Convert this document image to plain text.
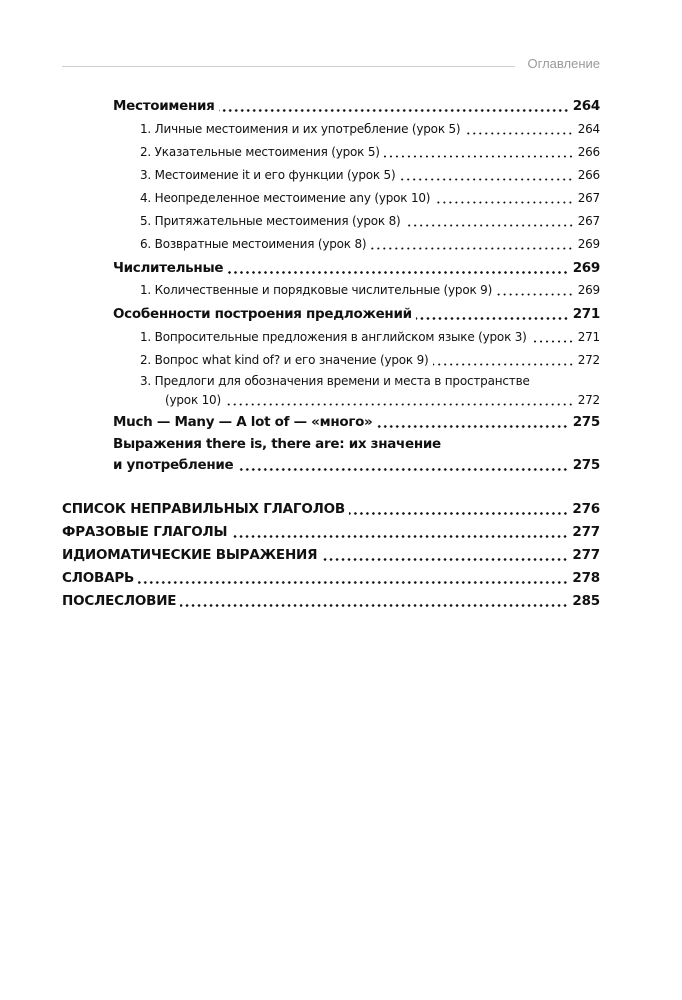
Оглавление
Местоимения	264
1. Личные местоимения и их употребление (урок 5)	264
2. Указательные местоимения (урок 5)	266
3. Местоимение it и его функции (урок 5)	266
4. Неопределенное местоимение any (урок 10)	267
5. Притяжательные местоимения (урок 8)	267
6. Возвратные местоимения (урок 8)	269
Числительные	269
1. Количественные и порядковые числительные (урок 9)	269
Особенности построения предложений	271
1. Вопросительные предложения в английском языке (урок 3)	271
2. Вопрос what kind of? и его значение (урок 9)	272
3. Предлоги для обозначения времени и места в пространстве
(урок 10)	272
Much — Many — A lot of — «много»	275
Выражения there is, there are: их значение
и употребление	275
СПИСОК НЕПРАВИЛЬНЫХ ГЛАГОЛОВ	276
ФРАЗОВЫЕ ГЛАГОЛЫ	277
ИДИОМАТИЧЕСКИЕ ВЫРАЖЕНИЯ	277
СЛОВАРЬ	278
ПОСЛЕСЛОВИЕ	285
